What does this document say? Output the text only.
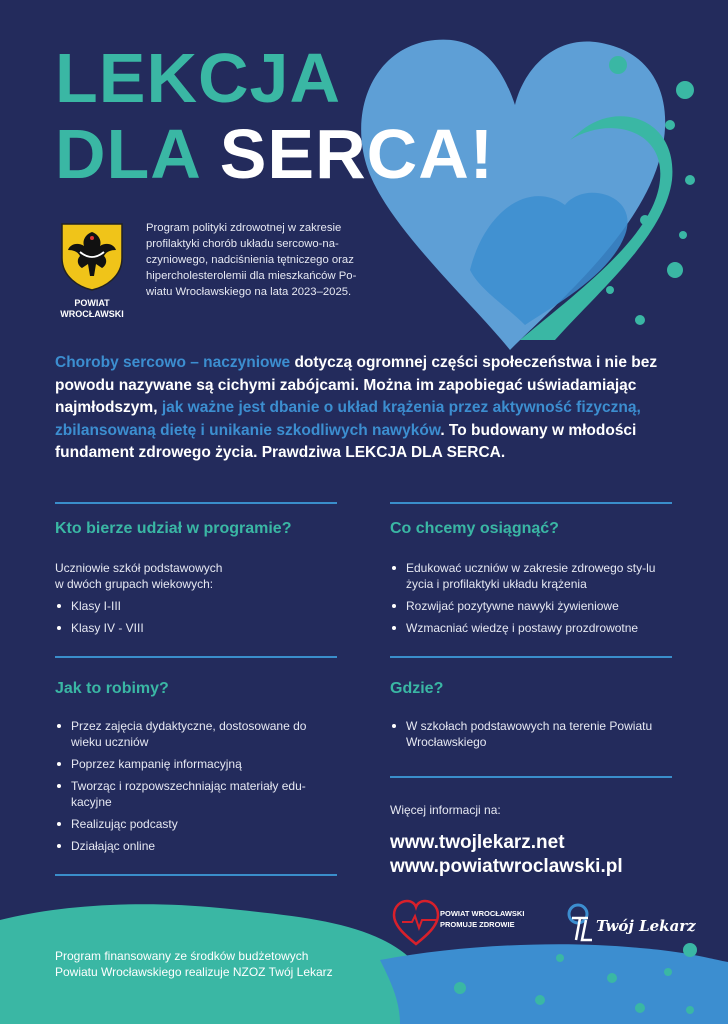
LEKCJA
DLA SERCA!
POWIAT
WROCŁAWSKI
Program polityki zdrowotnej w zakresie
profilaktyki chorób układu sercowo-na-
czyniowego, nadciśnienia tętniczego oraz
hipercholesterolemii dla mieszkańców Po-
wiatu Wrocławskiego na lata 2023–2025.
Choroby sercowo – naczyniowe dotyczą ogromnej części społeczeństwa i nie bez powodu nazywane są cichymi zabójcami. Można im zapobiegać uświadamiając najmłodszym, jak ważne jest dbanie o układ krążenia przez aktywność fizyczną, zbilansowaną dietę i unikanie szkodliwych nawyków. To budowany w młodości fundament zdrowego życia. Prawdziwa LEKCJA DLA SERCA.
Kto bierze udział w programie?
Uczniowie szkół podstawowych
w dwóch grupach wiekowych:
Klasy I-III
Klasy IV - VIII
Co chcemy osiągnąć?
Edukować uczniów w zakresie zdrowego sty-lu życia i profilaktyki układu krążenia
Rozwijać pozytywne nawyki żywieniowe
Wzmacniać wiedzę i postawy prozdrowotne
Jak to robimy?
Przez zajęcia dydaktyczne, dostosowane do wieku uczniów
Poprzez kampanię informacyjną
Tworząc i rozpowszechniając materiały edu-kacyjne
Realizując podcasty
Działając online
Gdzie?
W szkołach podstawowych na terenie Powiatu Wrocławskiego
Więcej informacji na:
www.twojlekarz.net
www.powiatwroclawski.pl
POWIAT WROCŁAWSKI
PROMUJE ZDROWIE	Twój Lekarz
Program finansowany ze środków budżetowych
Powiatu Wrocławskiego realizuje NZOZ Twój Lekarz
